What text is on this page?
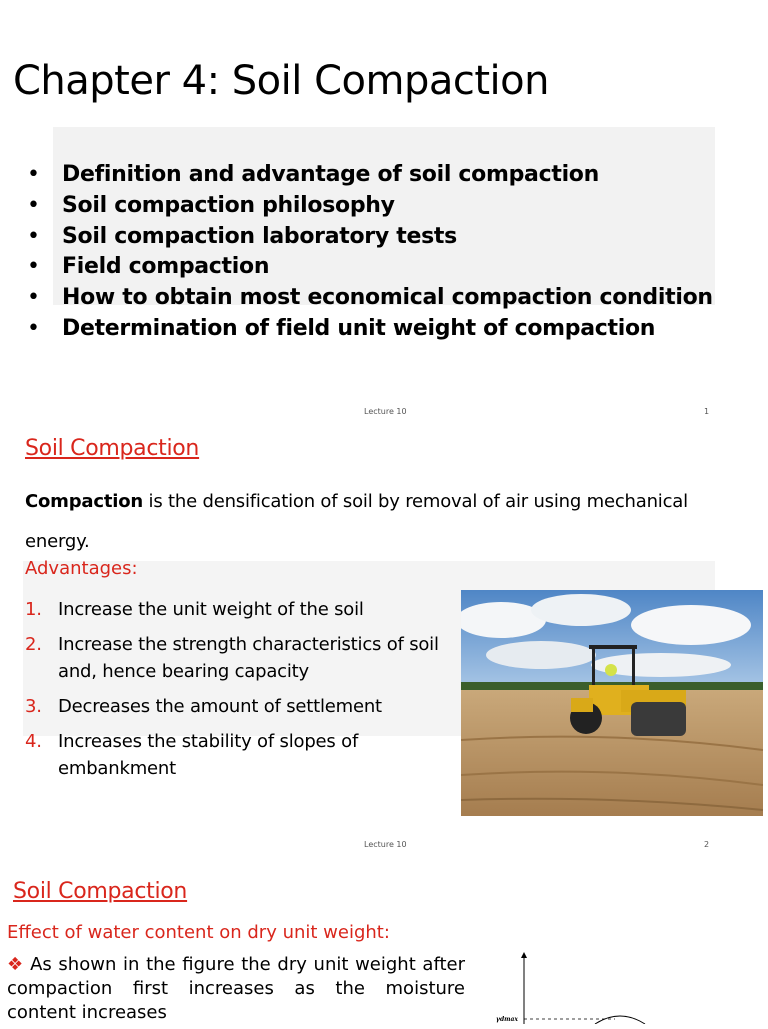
Chapter 4: Soil Compaction
• Definition and advantage of soil compaction
• Soil compaction philosophy
• Soil compaction laboratory tests
• Field compaction
• How to obtain most economical compaction condition
• Determination of field unit weight of compaction
Lecture 10	1
Soil Compaction
Compaction is the densification of soil by removal of air using mechanical energy.
Advantages:
1. Increase the unit weight of the soil
2. Increase the strength characteristics of soil and, hence bearing capacity
3. Decreases the amount of settlement
4. Increases the stability of slopes of embankment
Lecture 10	2
Soil Compaction
Effect of water content on dry unit weight:
❖ As shown in the figure the dry unit weight after compaction first increases as the moisture content increases	γdmax
